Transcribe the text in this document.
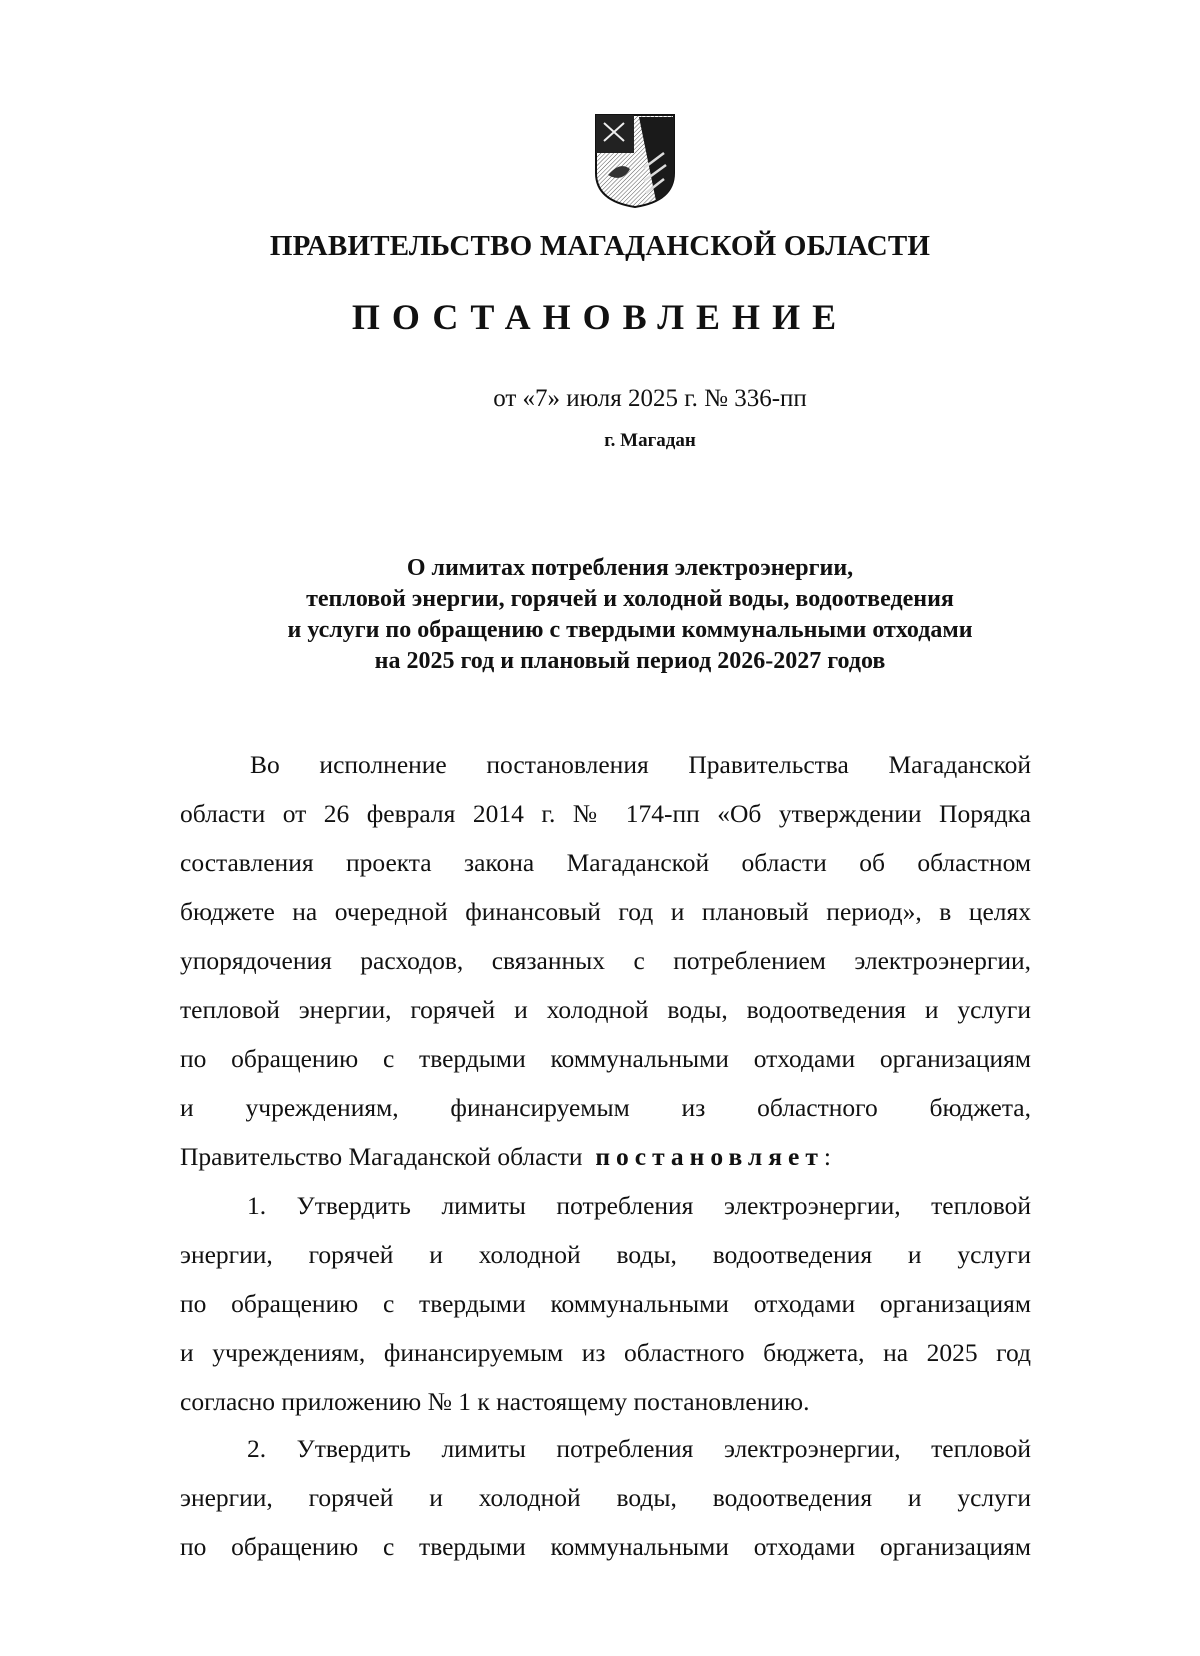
ПРАВИТЕЛЬСТВО МАГАДАНСКОЙ ОБЛАСТИ
ПОСТАНОВЛЕНИЕ
от «7» июля 2025 г. № 336-пп
г. Магадан
О лимитах потребления электроэнергии,
тепловой энергии, горячей и холодной воды, водоотведения
и услуги по обращению с твердыми коммунальными отходами
на 2025 год и плановый период 2026-2027 годов
Во исполнение постановления Правительства Магаданской
области от 26 февраля 2014 г. № 174-пп «Об утверждении Порядка
составления проекта закона Магаданской области об областном
бюджете на очередной финансовый год и плановый период», в целях
упорядочения расходов, связанных с потреблением электроэнергии,
тепловой энергии, горячей и холодной воды, водоотведения и услуги
по обращению с твердыми коммунальными отходами организациям
и учреждениям, финансируемым из областного бюджета,
Правительство Магаданской области постановляет:
1. Утвердить лимиты потребления электроэнергии, тепловой
энергии, горячей и холодной воды, водоотведения и услуги
по обращению с твердыми коммунальными отходами организациям
и учреждениям, финансируемым из областного бюджета, на 2025 год
согласно приложению № 1 к настоящему постановлению.
2. Утвердить лимиты потребления электроэнергии, тепловой
энергии, горячей и холодной воды, водоотведения и услуги
по обращению с твердыми коммунальными отходами организациям
